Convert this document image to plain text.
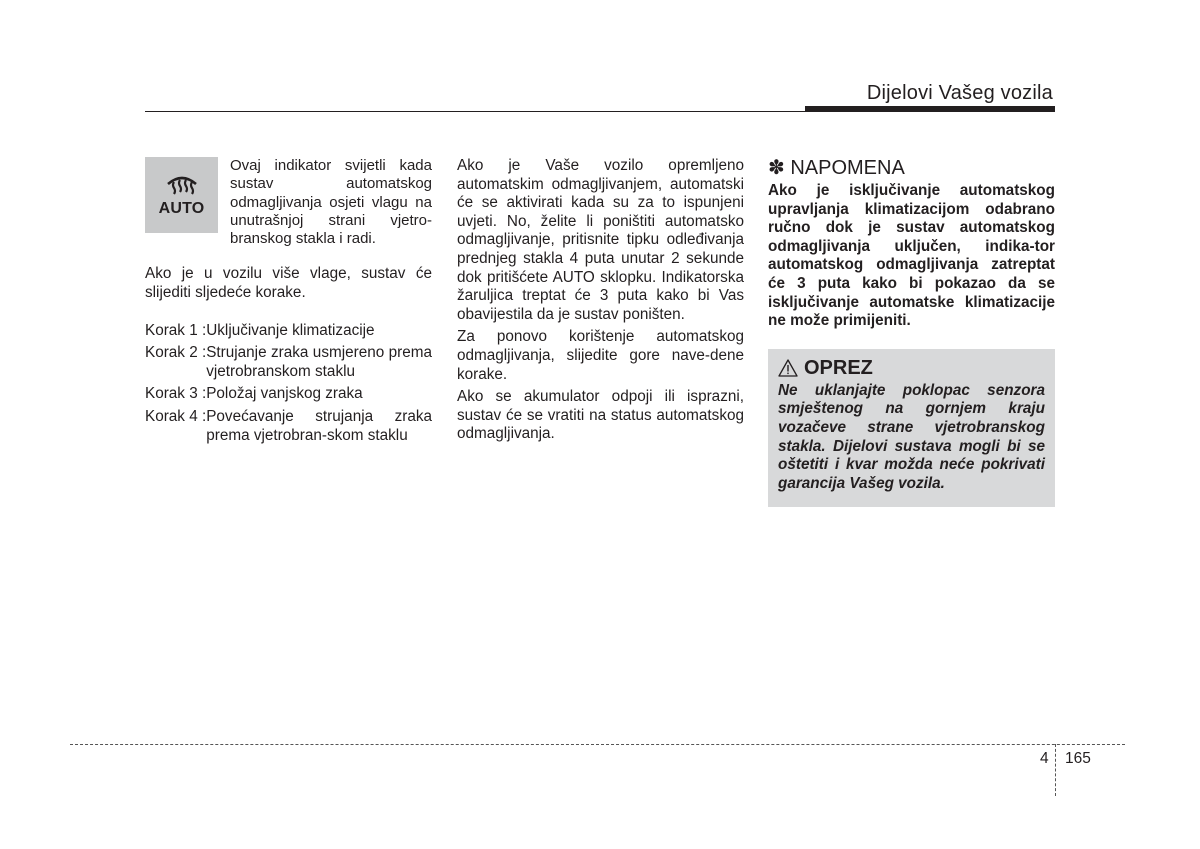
Dijelovi Vašeg vozila
AUTO

Ovaj indikator svijetli kada sustav automatskog odmagljivanja osjeti vlagu na unutrašnjoj strani vjetro-branskog stakla i radi.

Ako je u vozilu više vlage, sustav će slijediti sljedeće korake.

Korak 1 : Uključivanje klimatizacije
Korak 2 : Strujanje zraka usmjereno prema vjetrobranskom staklu
Korak 3 : Položaj vanjskog zraka
Korak 4 : Povećavanje strujanja zraka prema vjetrobran-skom staklu

Ako je Vaše vozilo opremljeno automatskim odmagljivanjem, automatski će se aktivirati kada su za to ispunjeni uvjeti. No, želite li poništiti automatsko odmagljivanje, pritisnite tipku odleđivanja prednjeg stakla 4 puta unutar 2 sekunde dok pritišćete AUTO sklopku. Indikatorska žaruljica treptat će 3 puta kako bi Vas obavijestila da je sustav poništen.

Za ponovo korištenje automatskog odmagljivanja, slijedite gore nave-dene korake.

Ako se akumulator odpoji ili isprazni, sustav će se vratiti na status automatskog odmagljivanja.

✽ NAPOMENA

Ako je isključivanje automatskog upravljanja klimatizacijom odabrano ručno dok je sustav automatskog odmagljivanja uključen, indika-tor automatskog odmagljivanja zatreptat će 3 puta kako bi pokazao da se isključivanje automatske klimatizacije ne može primijeniti.

OPREZ

Ne uklanjajte poklopac senzora smještenog na gornjem kraju vozačeve strane vjetrobranskog stakla. Dijelovi sustava mogli bi se oštetiti i kvar možda neće pokrivati garancija Vašeg vozila.

4 165
